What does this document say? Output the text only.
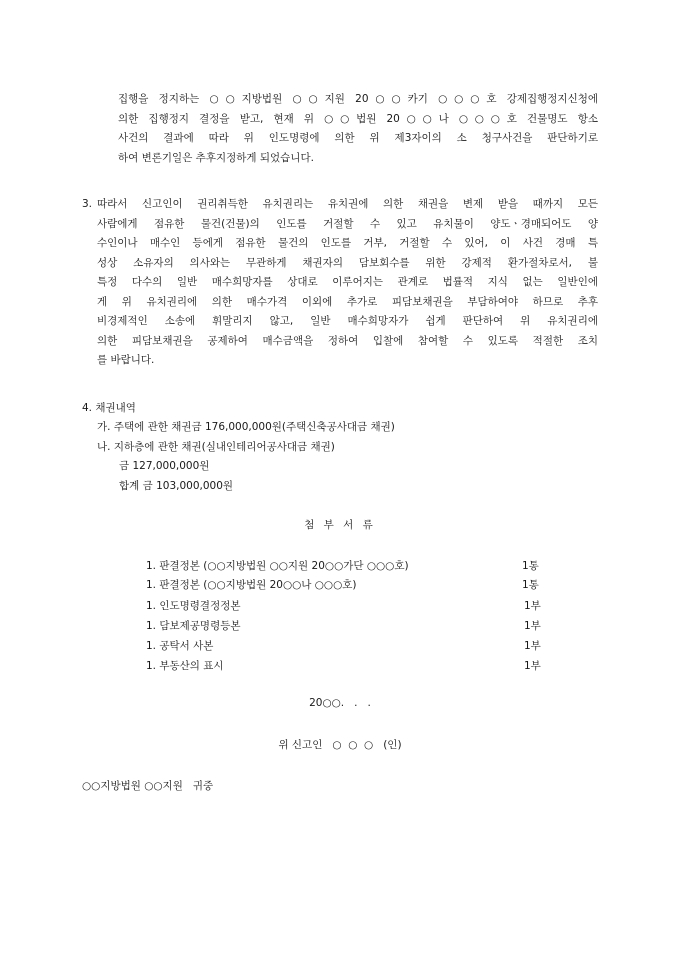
집행을 정지하는 ○○지방법원 ○○지원 20○○카기 ○○○호 강제집행정지신청에
의한 집행정지 결정을 받고, 현재 위 ○○법원 20○○나 ○○○호 건물명도 항소
사건의 결과에 따라 위 인도명령에 의한 위 제3자이의 소 청구사건을 판단하기로
하여 변론기일은 추후지정하게 되었습니다.

3. 따라서 신고인이 권리취득한 유치권리는 유치권에 의한 채권을 변제 받을 때까지 모든
사람에게 점유한 물건(건물)의 인도를 거절할 수 있고 유치물이 양도ㆍ경매되어도 양
수인이나 매수인 등에게 점유한 물건의 인도를 거부, 거절할 수 있어, 이 사건 경매 특
성상 소유자의 의사와는 무관하게 채권자의 담보회수를 위한 강제적 환가절차로서, 불
특정 다수의 일반 매수희망자를 상대로 이루어지는 관계로 법률적 지식 없는 일반인에
게 위 유치권리에 의한 매수가격 이외에 추가로 피담보채권을 부담하여야 하므로 추후
비경제적인 소송에 휘말리지 않고, 일반 매수희망자가 쉽게 판단하여 위 유치권리에
의한 피담보채권을 공제하여 매수금액을 정하여 입찰에 참여할 수 있도록 적절한 조치
를 바랍니다.

4. 채권내역

가. 주택에 관한 채권금 176,000,000원(주택신축공사대금 채권)

나. 지하층에 관한 채권(실내인테리어공사대금 채권)

금 127,000,000원

합계 금 103,000,000원

첨 부 서 류

1. 판결정본 (○○지방법원 ○○지원 20○○가단 ○○○호)	1통

1. 판결정본 (○○지방법원 20○○나 ○○○호)	1통

1. 인도명령결정정본	1부

1. 담보제공명령등본	1부

1. 공탁서 사본	1부

1. 부동산의 표시	1부

20○○.   .   .

위 신고인   ○  ○  ○   (인)

○○지방법원 ○○지원   귀중
